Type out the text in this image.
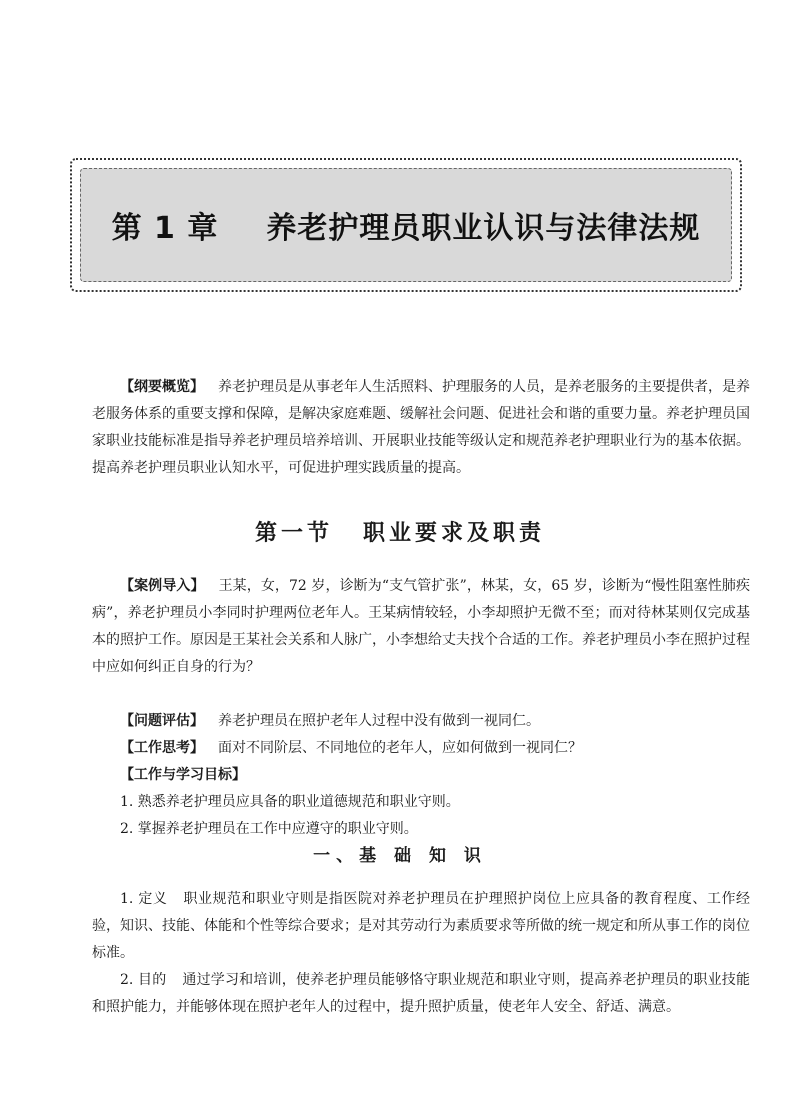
第 1 章 养老护理员职业认识与法律法规

【纲要概览】 养老护理员是从事老年人生活照料、护理服务的人员，是养老服务的主要提供者，是养老服务体系的重要支撑和保障，是解决家庭难题、缓解社会问题、促进社会和谐的重要力量。养老护理员国家职业技能标准是指导养老护理员培养培训、开展职业技能等级认定和规范养老护理职业行为的基本依据。提高养老护理员职业认知水平，可促进护理实践质量的提高。

第一节 职业要求及职责

【案例导入】 王某，女，72 岁，诊断为“支气管扩张”，林某，女，65 岁，诊断为“慢性阻塞性肺疾病”，养老护理员小李同时护理两位老年人。王某病情较轻，小李却照护无微不至；而对待林某则仅完成基本的照护工作。原因是王某社会关系和人脉广，小李想给丈夫找个合适的工作。养老护理员小李在照护过程中应如何纠正自身的行为？

【问题评估】 养老护理员在照护老年人过程中没有做到一视同仁。
【工作思考】 面对不同阶层、不同地位的老年人，应如何做到一视同仁？
【工作与学习目标】
1. 熟悉养老护理员应具备的职业道德规范和职业守则。
2. 掌握养老护理员在工作中应遵守的职业守则。
一、基 础 知 识

1. 定义 职业规范和职业守则是指医院对养老护理员在护理照护岗位上应具备的教育程度、工作经验，知识、技能、体能和个性等综合要求；是对其劳动行为素质要求等所做的统一规定和所从事工作的岗位标准。

2. 目的 通过学习和培训，使养老护理员能够恪守职业规范和职业守则，提高养老护理员的职业技能和照护能力，并能够体现在照护老年人的过程中，提升照护质量，使老年人安全、舒适、满意。
